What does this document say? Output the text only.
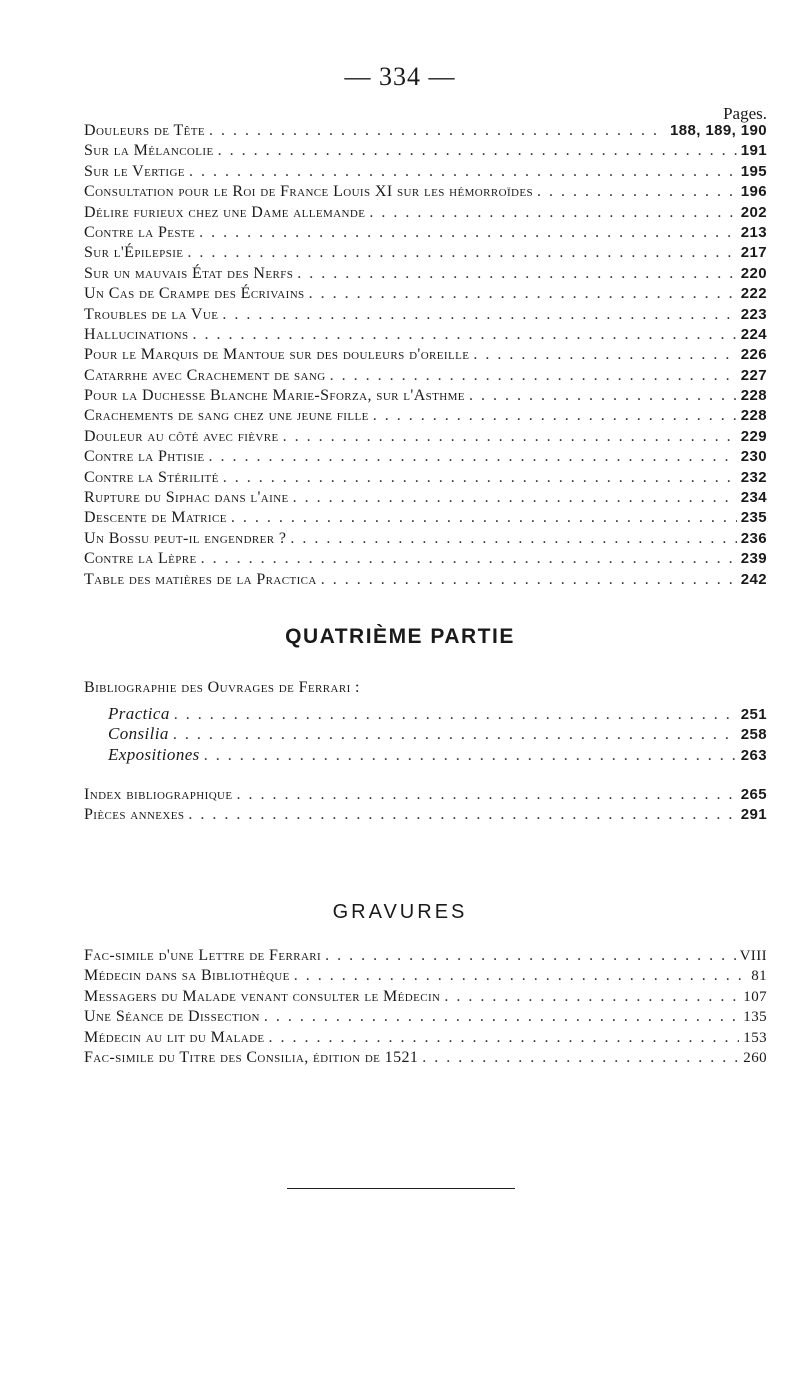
— 334 —
Pages.
Douleurs de Tête . . .	188, 189, 190
Sur la Mélancolie . . .	191
Sur le Vertige . . .	195
Consultation pour le Roi de France Louis XI sur les hémorroïdes . . .	196
Délire furieux chez une Dame allemande . . .	202
Contre la Peste . . .	213
Sur l'Épilepsie . . .	217
Sur un mauvais État des Nerfs . . .	220
Un Cas de Crampe des Écrivains . . .	222
Troubles de la Vue . . .	223
Hallucinations . . .	224
Pour le Marquis de Mantoue sur des douleurs d'oreille . . .	226
Catarrhe avec Crachement de sang . . .	227
Pour la Duchesse Blanche Marie-Sforza, sur l'Asthme . . .	228
Crachements de sang chez une jeune fille . . .	228
Douleur au côté avec fièvre . . .	229
Contre la Phtisie . . .	230
Contre la Stérilité . . .	232
Rupture du Siphac dans l'aine . . .	234
Descente de Matrice . . .	235
Un Bossu peut-il engendrer ? . . .	236
Contre la Lèpre . . .	239
Table des matières de la Practica . . .	242
QUATRIÈME PARTIE
Bibliographie des Ouvrages de Ferrari :
Practica . . .	251
Consilia . . .	258
Expositiones . . .	263
Index bibliographique . . .	265
Pièces annexes . . .	291
GRAVURES
Fac-simile d'une Lettre de Ferrari . . .	VIII
Médecin dans sa Bibliothèque . . .	81
Messagers du Malade venant consulter le Médecin . . .	107
Une Séance de Dissection . . .	135
Médecin au lit du Malade . . .	153
Fac-simile du Titre des Consilia, édition de 1521 . . .	260
